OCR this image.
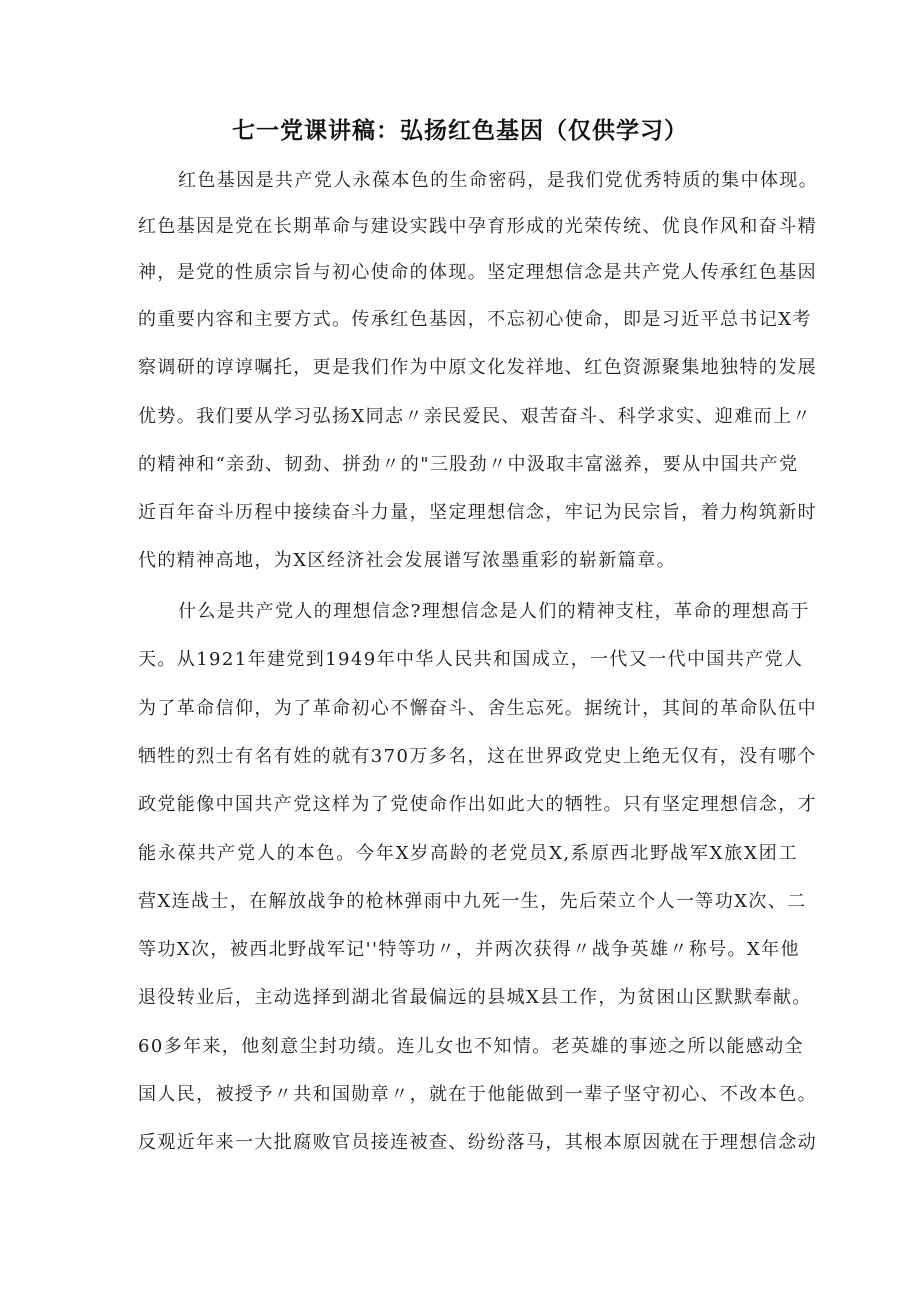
七一党课讲稿：弘扬红色基因（仅供学习）

红色基因是共产党人永葆本色的生命密码，是我们党优秀特质的集中体现。

红色基因是党在长期革命与建设实践中孕育形成的光荣传统、优良作风和奋斗精

神，是党的性质宗旨与初心使命的体现。坚定理想信念是共产党人传承红色基因

的重要内容和主要方式。传承红色基因，不忘初心使命，即是习近平总书记X考

察调研的谆谆嘱托，更是我们作为中原文化发祥地、红色资源聚集地独特的发展

优势。我们要从学习弘扬X同志〃亲民爱民、艰苦奋斗、科学求实、迎难而上〃

的精神和“亲劲、韧劲、拼劲〃的"三股劲〃中汲取丰富滋养，要从中国共产党

近百年奋斗历程中接续奋斗力量，坚定理想信念，牢记为民宗旨，着力构筑新时

代的精神高地，为X区经济社会发展谱写浓墨重彩的崭新篇章。

什么是共产党人的理想信念?理想信念是人们的精神支柱，革命的理想高于

天。从1921年建党到1949年中华人民共和国成立，一代又一代中国共产党人

为了革命信仰，为了革命初心不懈奋斗、舍生忘死。据统计，其间的革命队伍中

牺牲的烈士有名有姓的就有370万多名，这在世界政党史上绝无仅有，没有哪个

政党能像中国共产党这样为了党使命作出如此大的牺牲。只有坚定理想信念，才

能永葆共产党人的本色。今年X岁高龄的老党员X,系原西北野战军X旅X团工

营X连战士，在解放战争的枪林弹雨中九死一生，先后荣立个人一等功X次、二

等功X次，被西北野战军记''特等功〃，并两次获得〃战争英雄〃称号。X年他

退役转业后，主动选择到湖北省最偏远的县城X县工作，为贫困山区默默奉献。

60多年来，他刻意尘封功绩。连儿女也不知情。老英雄的事迹之所以能感动全

国人民，被授予〃共和国勋章〃，就在于他能做到一辈子坚守初心、不改本色。

反观近年来一大批腐败官员接连被查、纷纷落马，其根本原因就在于理想信念动
